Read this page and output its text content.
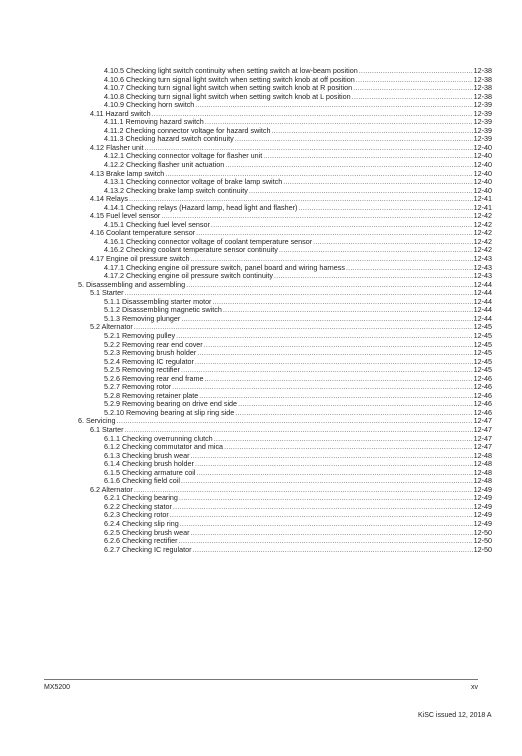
4.10.5 Checking light switch continuity when setting switch at low-beam position .....	12-38
4.10.6 Checking turn signal light switch when setting switch knob at off position .....	12-38
4.10.7 Checking turn signal light switch when setting switch knob at R position .....	12-38
4.10.8 Checking turn signal light switch when setting switch knob at L position .....	12-38
4.10.9 Checking horn switch .....	12-39
4.11 Hazard switch .....	12-39
4.11.1 Removing hazard switch .....	12-39
4.11.2 Checking connector voltage for hazard switch .....	12-39
4.11.3 Checking hazard switch continuity .....	12-39
4.12 Flasher unit .....	12-40
4.12.1 Checking connector voltage for flasher unit .....	12-40
4.12.2 Checking flasher unit actuation .....	12-40
4.13 Brake lamp switch .....	12-40
4.13.1 Checking connector voltage of brake lamp switch .....	12-40
4.13.2 Checking brake lamp switch continuity .....	12-40
4.14 Relays .....	12-41
4.14.1 Checking relays (Hazard lamp, head light and flasher) .....	12-41
4.15 Fuel level sensor .....	12-42
4.15.1 Checking fuel level sensor .....	12-42
4.16 Coolant temperature sensor .....	12-42
4.16.1 Checking connector voltage of coolant temperature sensor .....	12-42
4.16.2 Checking coolant temperature sensor continuity .....	12-42
4.17 Engine oil pressure switch .....	12-43
4.17.1 Checking engine oil pressure switch, panel board and wiring harness .....	12-43
4.17.2 Checking engine oil pressure switch continuity .....	12-43
5. Disassembling and assembling .....	12-44
5.1 Starter .....	12-44
5.1.1 Disassembling starter motor .....	12-44
5.1.2 Disassembling magnetic switch .....	12-44
5.1.3 Removing plunger .....	12-44
5.2 Alternator .....	12-45
5.2.1 Removing pulley .....	12-45
5.2.2 Removing rear end cover .....	12-45
5.2.3 Removing brush holder .....	12-45
5.2.4 Removing IC regulator .....	12-45
5.2.5 Removing rectifier .....	12-45
5.2.6 Removing rear end frame .....	12-46
5.2.7 Removing rotor .....	12-46
5.2.8 Removing retainer plate .....	12-46
5.2.9 Removing bearing on drive end side .....	12-46
5.2.10 Removing bearing at slip ring side .....	12-46
6. Servicing .....	12-47
6.1 Starter .....	12-47
6.1.1 Checking overrunning clutch .....	12-47
6.1.2 Checking commutator and mica .....	12-47
6.1.3 Checking brush wear .....	12-48
6.1.4 Checking brush holder .....	12-48
6.1.5 Checking armature coil .....	12-48
6.1.6 Checking field coil .....	12-48
6.2 Alternator .....	12-49
6.2.1 Checking bearing .....	12-49
6.2.2 Checking stator .....	12-49
6.2.3 Checking rotor .....	12-49
6.2.4 Checking slip ring .....	12-49
6.2.5 Checking brush wear .....	12-50
6.2.6 Checking rectifier .....	12-50
6.2.7 Checking IC regulator .....	12-50
MX5200	xv
KiSC issued 12, 2018 A
